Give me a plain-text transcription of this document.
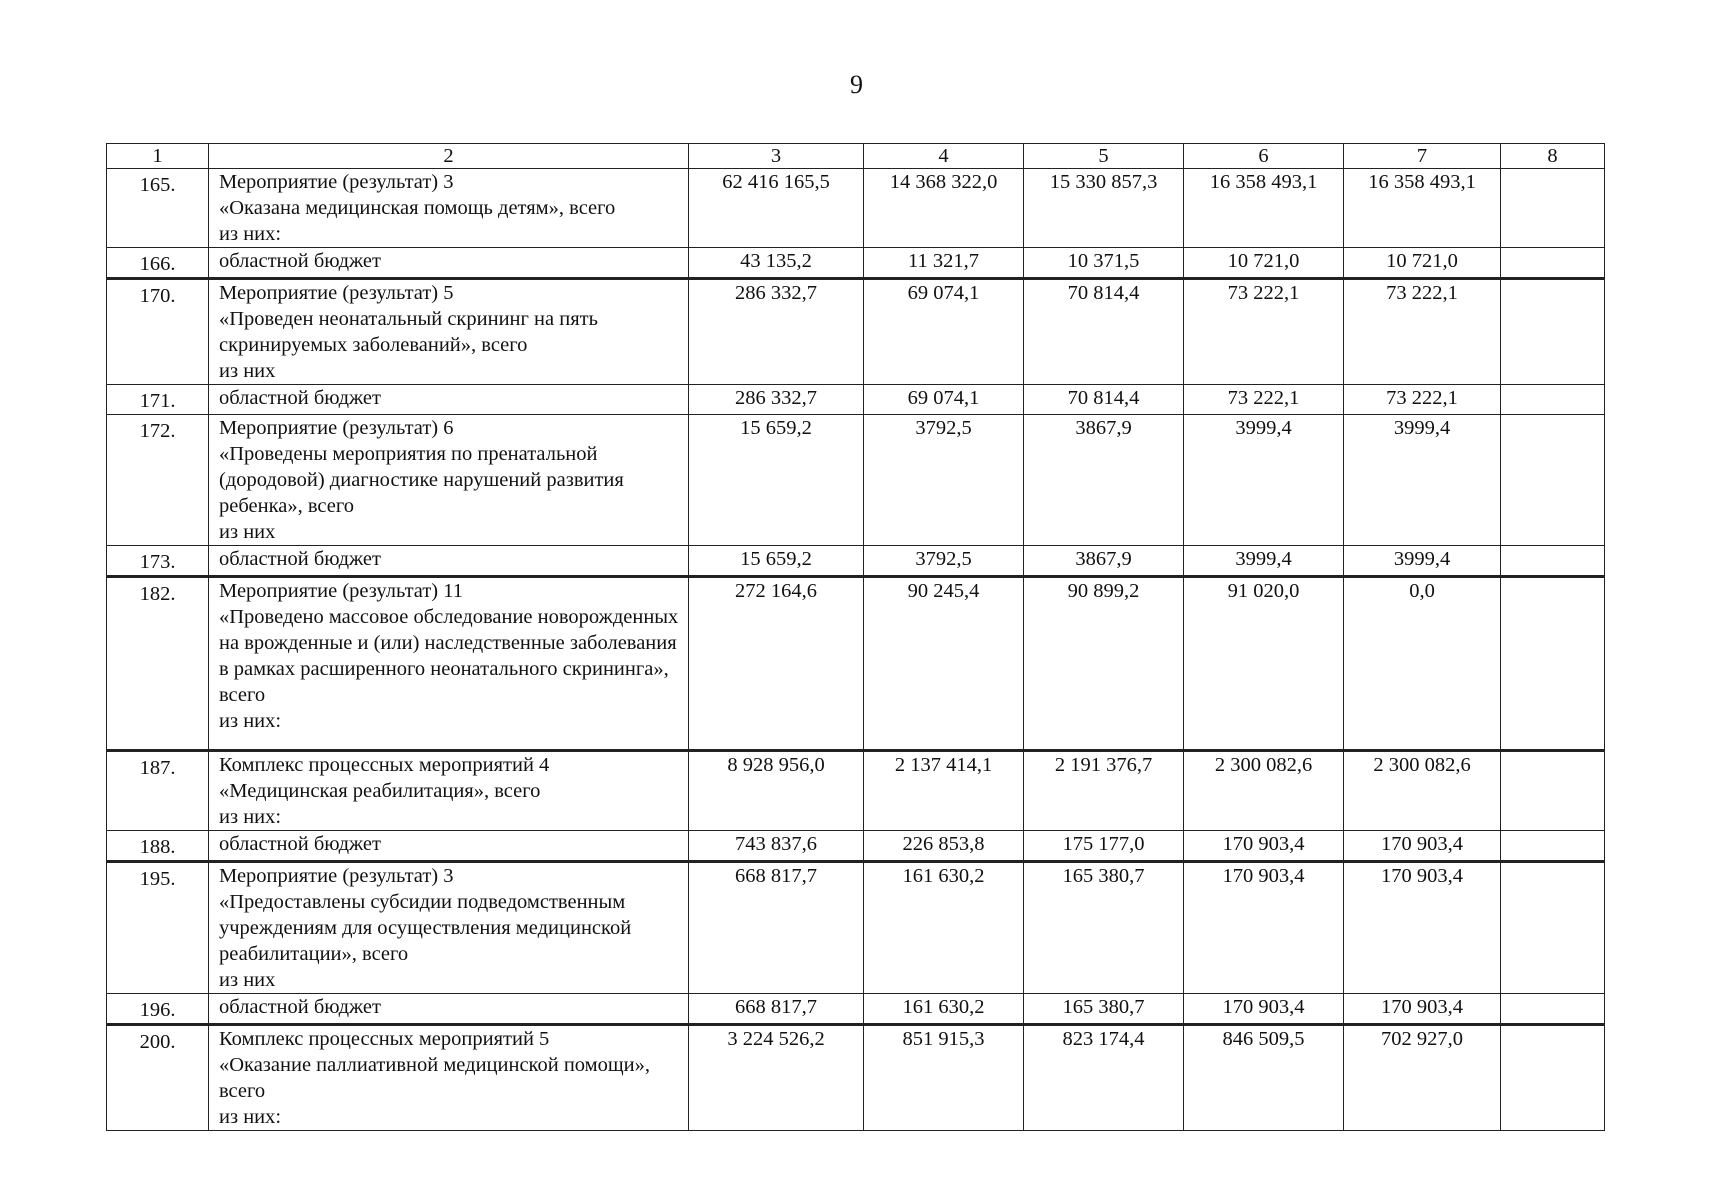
9
1	2	3	4	5	6	7	8
165.	Мероприятие (результат) 3
«Оказана медицинская помощь детям», всего
из них:	62 416 165,5	14 368 322,0	15 330 857,3	16 358 493,1	16 358 493,1	
166.	областной бюджет	43 135,2	11 321,7	10 371,5	10 721,0	10 721,0	
170.	Мероприятие (результат) 5
«Проведен неонатальный скрининг на пять скринируемых заболеваний», всего
из них	286 332,7	69 074,1	70 814,4	73 222,1	73 222,1	
171.	областной бюджет	286 332,7	69 074,1	70 814,4	73 222,1	73 222,1	
172.	Мероприятие (результат) 6
«Проведены мероприятия по пренатальной (дородовой) диагностике нарушений развития ребенка», всего
из них	15 659,2	3792,5	3867,9	3999,4	3999,4	
173.	областной бюджет	15 659,2	3792,5	3867,9	3999,4	3999,4	
182.	Мероприятие (результат) 11
«Проведено массовое обследование новорожденных на врожденные и (или) наследственные заболевания в рамках расширенного неонатального скрининга», всего
из них:	272 164,6	90 245,4	90 899,2	91 020,0	0,0	
187.	Комплекс процессных мероприятий 4
«Медицинская реабилитация», всего
из них:	8 928 956,0	2 137 414,1	2 191 376,7	2 300 082,6	2 300 082,6	
188.	областной бюджет	743 837,6	226 853,8	175 177,0	170 903,4	170 903,4	
195.	Мероприятие (результат) 3
«Предоставлены субсидии подведомственным учреждениям для осуществления медицинской реабилитации», всего
из них	668 817,7	161 630,2	165 380,7	170 903,4	170 903,4	
196.	областной бюджет	668 817,7	161 630,2	165 380,7	170 903,4	170 903,4	
200.	Комплекс процессных мероприятий 5
«Оказание паллиативной медицинской помощи», всего
из них:	3 224 526,2	851 915,3	823 174,4	846 509,5	702 927,0	
